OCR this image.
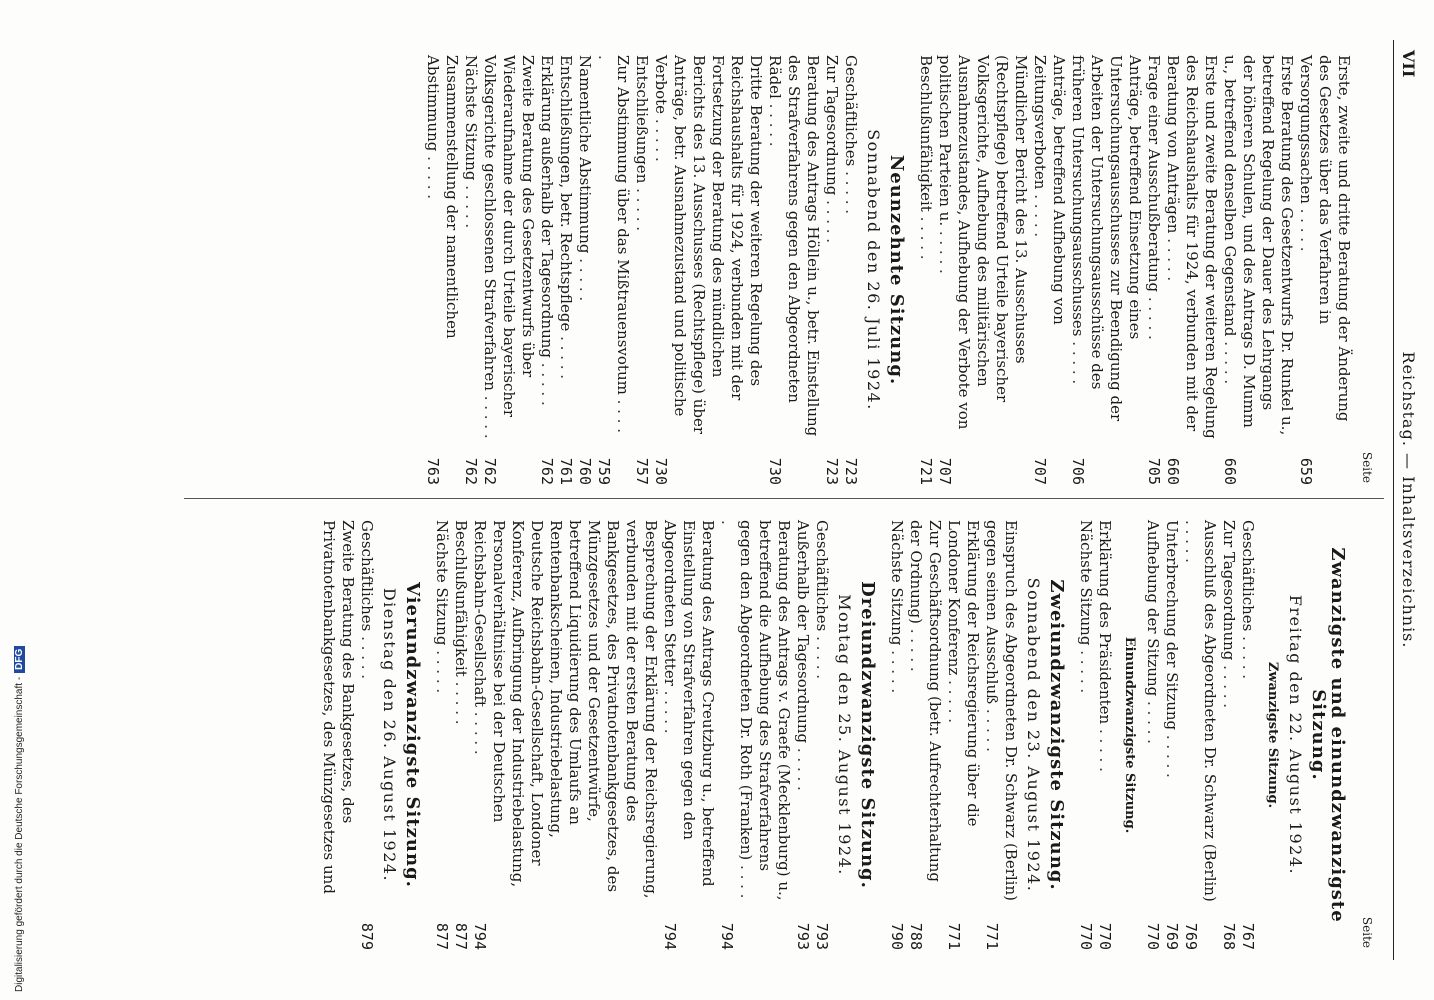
VII
Reichstag. — Inhaltsverzeichnis.
Seite
Erste, zweite und dritte Beratung der Änderung des Gesetzes über das Verfahren in Versorgungssachen . . . . .
659
Erste Beratung des Gesetzentwurfs Dr. Runkel u., betreffend Regelung der Dauer des Lehrgangs der höheren Schulen, und des Antrags D. Mumm u., betreffend denselben Gegenstand . . . . .
660
Erste und zweite Beratung der weiteren Regelung des Reichshaushalts für 1924, verbunden mit der Beratung von Anträgen . . . . .
660
Frage einer Ausschußberatung . . . . .
705
Anträge, betreffend Einsetzung eines Untersuchungsausschusses zur Beendigung der Arbeiten der Untersuchungsausschüsse des früheren Untersuchungsausschusses . . . . .
706
Anträge, betreffend Aufhebung von Zeitungsverboten . . . . .
707
Mündlicher Bericht des 13. Ausschusses (Rechtspflege) betreffend Urteile bayerischer Volksgerichte, Aufhebung des militärischen Ausnahmezustandes, Aufhebung der Verbote von politischen Parteien u. . . . . .
707
Beschlußunfähigkeit . . . . .
721
Neunzehnte Sitzung.
Sonnabend den 26. Juli 1924.
Geschäftliches . . . . .
723
Zur Tagesordnung . . . . .
723
Beratung des Antrags Höllein u., betr. Einstellung des Strafverfahrens gegen den Abgeordneten Rädel . . . . .
730
Dritte Beratung der weiteren Regelung des Reichshaushalts für 1924, verbunden mit der Fortsetzung der Beratung des mündlichen Berichts des 13. Ausschusses (Rechtspflege) über Anträge, betr. Ausnahmezustand und politische Verbote . . . . .
730
Entschließungen . . . . .
757
Zur Abstimmung über das Mißtrauensvotum . . . . .
759
Namentliche Abstimmung . . . . .
760
Entschließungen, betr. Rechtspflege . . . . .
761
Erklärung außerhalb der Tagesordnung . . . . .
762
Zweite Beratung des Gesetzentwurfs über Wiederaufnahme der durch Urteile bayerischer Volksgerichte geschlossenen Strafverfahren . . . . .
762
Nächste Sitzung . . . . .
762
Zusammenstellung der namentlichen Abstimmung . . . . .
763
Seite
Zwanzigste und einundzwanzigste Sitzung.
Freitag den 22. August 1924.
Zwanzigste Sitzung.
Geschäftliches . . . . .
767
Zur Tagesordnung . . . . .
768
Ausschluß des Abgeordneten Dr. Schwarz (Berlin) . . . . .
769
Unterbrechung der Sitzung . . . . .
769
Aufhebung der Sitzung . . . . .
770
Einundzwanzigste Sitzung.
Erklärung des Präsidenten . . . . .
770
Nächste Sitzung . . . . .
770
Zweiundzwanzigste Sitzung.
Sonnabend den 23. August 1924.
Einspruch des Abgeordneten Dr. Schwarz (Berlin) gegen seinen Ausschluß . . . . .
771
Erklärung der Reichsregierung über die Londoner Konferenz . . . . .
771
Zur Geschäftsordnung (betr. Aufrechterhaltung der Ordnung) . . . . .
788
Nächste Sitzung . . . . .
790
Dreiundzwanzigste Sitzung.
Montag den 25. August 1924.
Geschäftliches . . . . .
793
Außerhalb der Tagesordnung . . . . .
793
Beratung des Antrags v. Graefe (Mecklenburg) u., betreffend die Aufhebung des Strafverfahrens gegen den Abgeordneten Dr. Roth (Franken) . . . . .
794
Beratung des Antrags Creutzburg u., betreffend Einstellung von Strafverfahren gegen den Abgeordneten Stetter . . . . .
794
Besprechung der Erklärung der Reichsregierung, verbunden mit der ersten Beratung des Bankgesetzes, des Privatnotenbankgesetzes, des Münzgesetzes und der Gesetzentwürfe, betreffend Liquidierung des Umlaufs an Rentenbankscheinen, Industriebelastung, Deutsche Reichsbahn-Gesellschaft, Londoner Konferenz, Aufbringung der Industriebelastung, Personalverhältnisse bei der Deutschen Reichsbahn-Gesellschaft . . . . .
794
Beschlußunfähigkeit . . . . .
877
Nächste Sitzung . . . . .
877
Vierundzwanzigste Sitzung.
Dienstag den 26. August 1924.
Geschäftliches . . . . .
879
Zweite Beratung des Bankgesetzes, des Privatnotenbankgesetzes, des Münzgesetzes und
Digitalisierung gefördert durch die Deutsche Forschungsgemeinschaft -DFG
